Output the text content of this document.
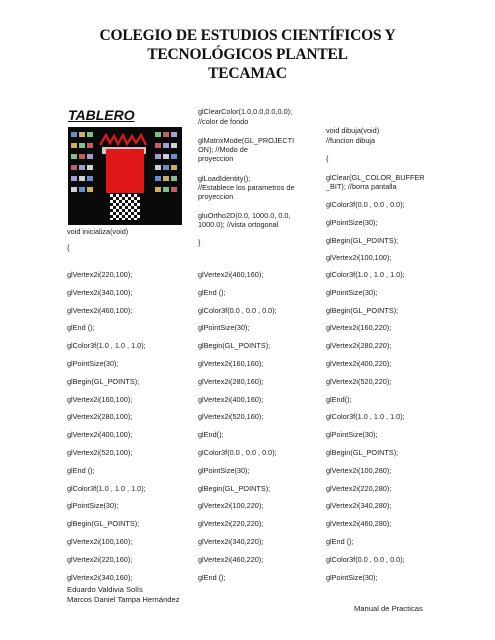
COLEGIO DE ESTUDIOS CIENTÍFICOS Y TECNOLÓGICOS PLANTEL
TECAMAC
TABLERO
void inicializa(void)
{
glVertex2i(220,100);
glVertex2i(340,100);
glVertex2i(460,100);
glEnd ();
glColor3f(1.0 , 1.0 , 1.0);
glPointSize(30);
glBegin(GL_POINTS);
glVertex2i(160,100);
glVertex2i(280,100);
glVertex2i(400,100);
glVertex2i(520,100);
glEnd ();
glColor3f(1.0 , 1.0 , 1.0);
glPointSize(30);
glBegin(GL_POINTS);
glVertex2i(100,160);
glVertex2i(220,160);
glVertex2i(340,160);
glClearColor(1.0,0.0,0.0,0.0);
//color de fondo
glMatrixMode(GL_PROJECTI
ON); //Modo de
proyeccion
glLoadIdentity();
//Establece los parametros de
proyeccion
gluOrtho2D(0.0, 1000.0, 0.0,
1000.0); //vista ortogonal
}
glVertex2i(460,160);
glEnd ();
glColor3f(0.0 , 0.0 , 0.0);
glPointSize(30);
glBegin(GL_POINTS);
glVertex2i(160,160);
glVertex2i(280,160);
glVertex2i(400,160);
glVertex2i(520,160);
glEnd();
glColor3f(0.0 , 0.0 , 0.0);
glPointSize(30);
glBegin(GL_POINTS);
glVertex2i(100,220);
glVertex2i(220,220);
glVertex2i(340,220);
glVertex2i(460,220);
glEnd ();
void dibuja(void)
//funcion dibuja
{
glClear(GL_COLOR_BUFFER
_BIT); //borra pantalla
glColor3f(0.0 , 0.0 , 0.0);
glPointSize(30);
glBegin(GL_POINTS);
glVertex2i(100,100);
glColor3f(1.0 , 1.0 , 1.0);
glPointSize(30);
glBegin(GL_POINTS);
glVertex2i(160,220);
glVertex2i(280,220);
glVertex2i(400,220);
glVertex2i(520,220);
glEnd();
glColor3f(1.0 , 1.0 , 1.0);
glPointSize(30);
glBegin(GL_POINTS);
glVertex2i(100,280);
glVertex2i(220,280);
glVertex2i(340,280);
glVertex2i(460,280);
glEnd ();
glColor3f(0.0 , 0.0 , 0.0);
glPointSize(30);
Eduardo Valdivia Solís
Marcos Daniel Tampa Hernández
Manual de Practicas
